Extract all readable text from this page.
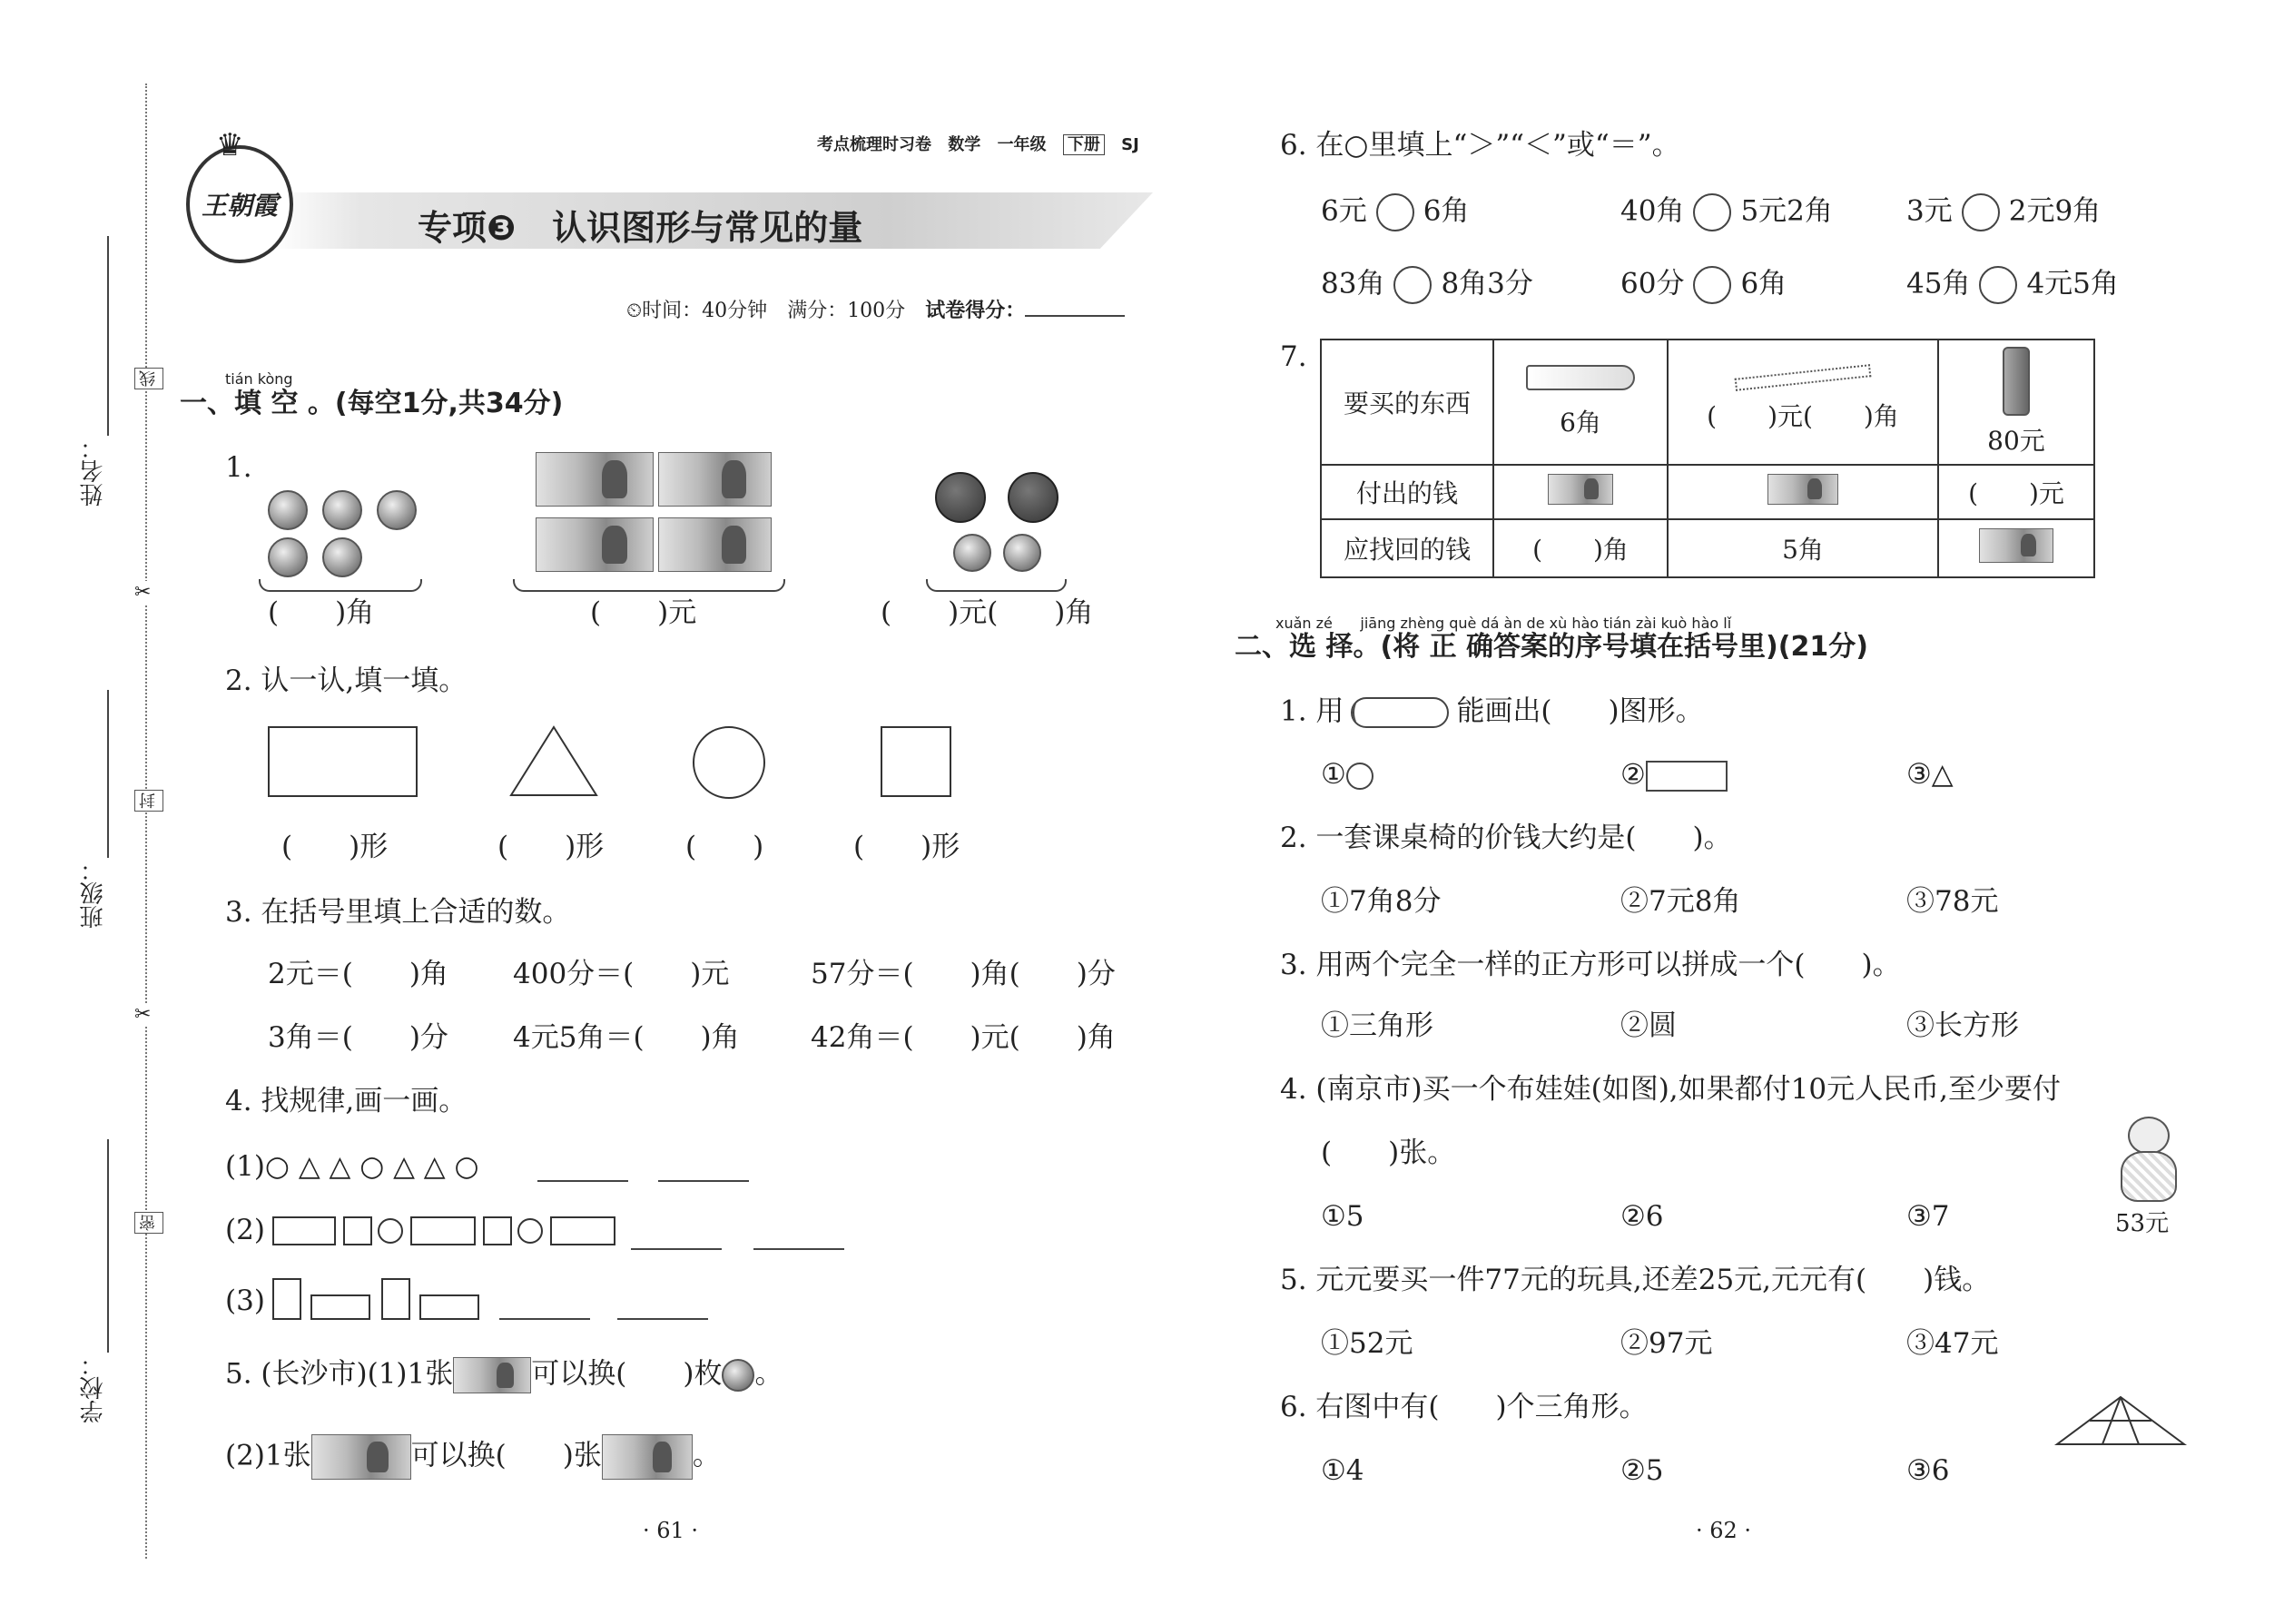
姓名：
班级：
学校：
线
封
密
✂
✂
考点梳理时习卷 数学 一年级 下册 SJ
王朝霞
♛
专项❸ 认识图形与常见的量
⏲时间：40分钟　 满分：100分　 试卷得分：
tián kòng
一、填 空 。(每空1分,共34分)
1.
(　　)角	(　　)元	(　　)元(　　)角
2. 认一认,填一填。
(　　)形	(　　)形	(　　)	(　　)形
3. 在括号里填上合适的数。
2元＝(　　)角 400分＝(　　)元	57分＝(　　)角(　　)分
3角＝(　　)分 4元5角＝(　　)角	42角＝(　　)元(　　)角
4. 找规律,画一画。
(1)○ △ △ ○ △ △ ○
(2)
(3)
5. (长沙市)(1)1张	可以换(　　)枚 。
(2)1张	可以换(　　)张	。
· 61 ·
6. 在○里填上“＞”“＜”或“＝”。
6元 6角	40角 5元2角	3元 2元9角
83角 8角3分	60分 6角	45角 4元5角
7.
要买的东西	6角	(　　)元(　　)角	80元

付出的钱			(　　)元
应找回的钱	(　　)角	5角	
xuǎn zé      jiāng zhèng què dá àn de xù hào tián zài kuò hào lǐ
二、选 择。(将 正 确答案的序号填在括号里)(21分)
1. 用	能画出(　　)图形。
①	②	③△
2. 一套课桌椅的价钱大约是(　　)。
①7角8分	②7元8角	③78元
3. 用两个完全一样的正方形可以拼成一个(　　)。
①三角形	②圆	③长方形
4. (南京市)买一个布娃娃(如图),如果都付10元人民币,至少要付
(　　)张。
53元
①5	②6	③7
5. 元元要买一件77元的玩具,还差25元,元元有(　　)钱。
①52元	②97元	③47元
6. 右图中有(　　)个三角形。
①4	②5	③6
· 62 ·
